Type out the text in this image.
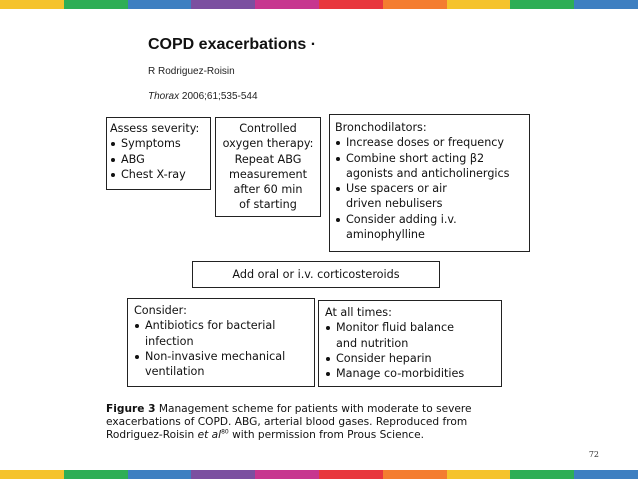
COPD exacerbations ·
R Rodriguez-Roisin
Thorax 2006;61;535-544
Assess severity:
Symptoms
ABG
Chest X-ray
Controlled
oxygen therapy:
Repeat ABG
measurement
after 60 min
of starting
Bronchodilators:
Increase doses or frequency
Combine short acting β2
agonists and anticholinergics
Use spacers or air
driven nebulisers
Consider adding i.v.
aminophylline
Add oral or i.v. corticosteroids
Consider:
Antibiotics for bacterial
infection
Non-invasive mechanical
ventilation
At all times:
Monitor fluid balance
and nutrition
Consider heparin
Manage co-morbidities
Figure 3 Management scheme for patients with moderate to severe exacerbations of COPD. ABG, arterial blood gases. Reproduced from Rodriguez-Roisin et $al^{80}$ with permission from Prous Science.
72
